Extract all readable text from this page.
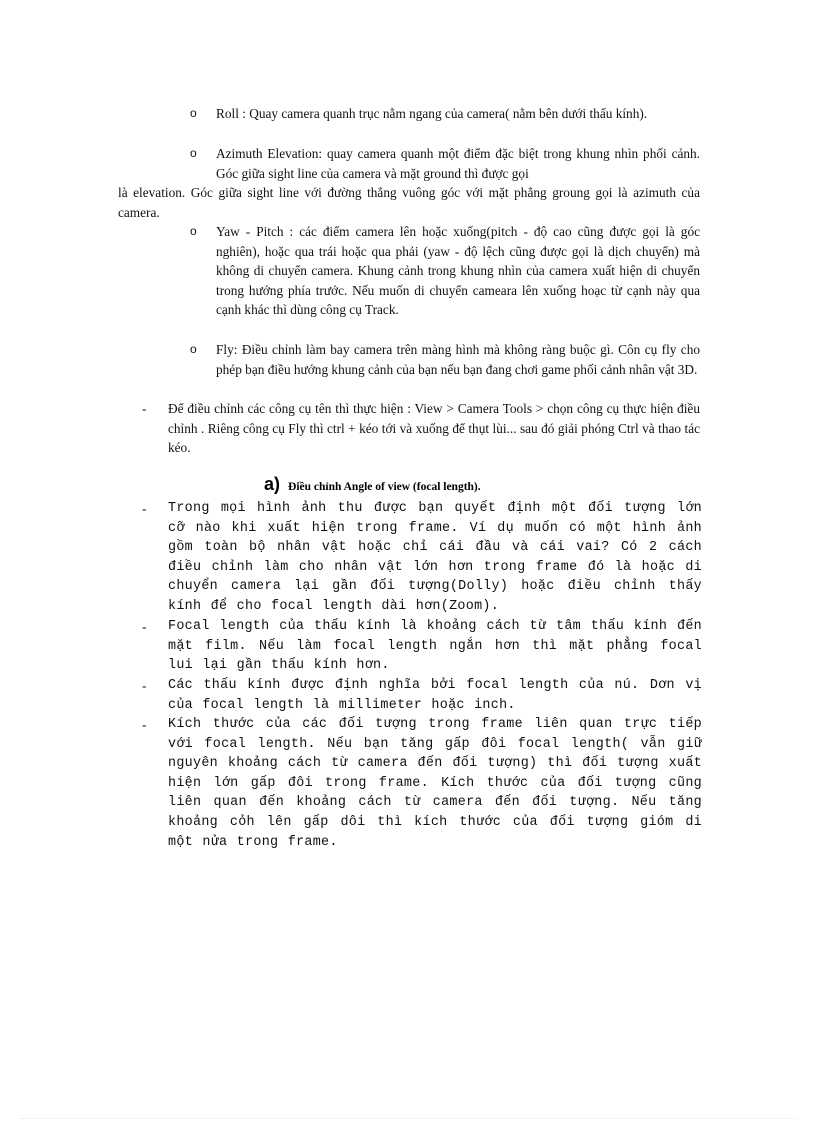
o	Roll : Quay camera quanh trục nằm ngang của camera( nằm bên dưới thấu kính).
o	Azimuth Elevation: quay camera quanh một điểm đặc biệt trong khung nhìn phối cảnh. Góc giữa sight line của camera và mặt ground thì được gọi
là elevation. Góc giữa sight line với đường thẳng vuông góc với mặt phẳng groung gọi là azimuth của camera.
o	Yaw - Pitch : các điểm camera lên hoặc xuống(pitch - độ cao cũng được gọi là góc nghiên), hoặc qua trái hoặc qua phải (yaw - độ lệch cũng được gọi là dịch chuyển) mà không di chuyển camera. Khung cảnh trong khung nhìn của camera xuất hiện di chuyển trong hướng phía trước. Nếu muốn di chuyển cameara lên xuống hoạc từ cạnh này qua cạnh khác thì dùng công cụ Track.
o	Fly: Điều chỉnh làm bay camera trên màng hình mà không ràng buộc gì. Côn cụ fly cho phép bạn điều hướng khung cảnh của bạn nếu bạn đang chơi game phối cảnh nhân vật 3D.
- Để điều chỉnh các công cụ tên thì thực hiện : View > Camera Tools > chọn công cụ thực hiện điều chỉnh . Riêng công cụ Fly thì ctrl + kéo tới và xuống để thụt lùi... sau đó giải phóng Ctrl và thao tác kéo.
a) Điều chỉnh Angle of view (focal length).
- Trong mọi hình ảnh thu được bạn quyết định một đối tượng lớn cỡ nào khi xuất hiện trong frame. Ví dụ muốn có một hình ảnh gồm toàn bộ nhân vật hoặc chỉ cái đầu và cái vai? Có 2 cách điều chỉnh làm cho nhân vật lớn hơn trong frame đó là hoặc di chuyển camera lại gần đối tượng(Dolly) hoặc điều chỉnh thấy kính để cho focal length dài hơn(Zoom).
- Focal length của thấu kính là khoảng cách từ tâm thấu kính đến mặt film. Nếu làm focal length ngắn hơn thì mặt phẳng focal lui lại gần thấu kính hơn.
- Các thấu kính được định nghĩa bởi focal length của nú. Dơn vị của focal length là millimeter hoặc inch.
- Kích thước của các đối tượng trong frame liên quan trực tiếp với focal length. Nếu bạn tăng gấp đôi focal length( vẫn giữ nguyên khoảng cách từ camera đến đối tượng) thì đối tượng xuất hiện lớn gấp đôi trong frame. Kích thước của đối tượng cũng liên quan đến khoảng cách từ camera đến đối tượng. Nếu tăng khoảng cỏh lên gấp dôi thì kích thước của đối tượng gióm di một nửa trong frame.
